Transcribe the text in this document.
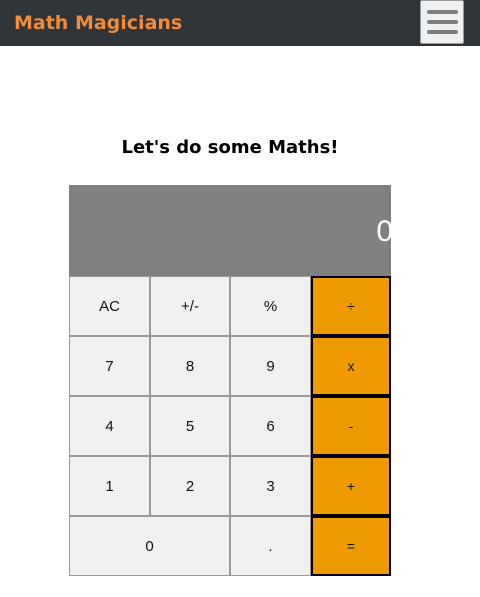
Math Magicians
Let's do some Maths!
0
AC	+/-	%	÷
7	8	9	x
4	5	6	-
1	2	3	+
0	.	=
